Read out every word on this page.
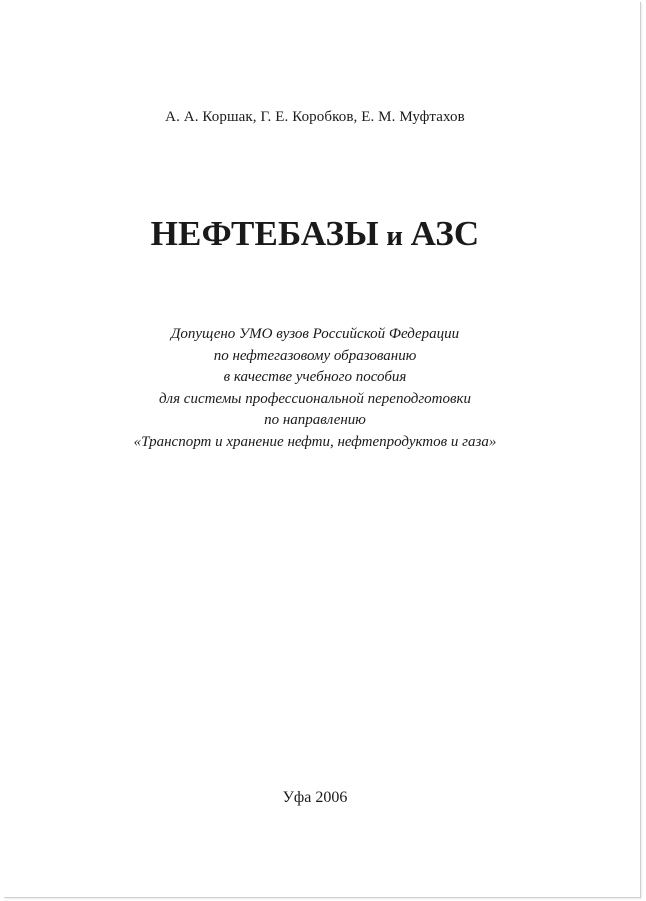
А. А. Коршак, Г. Е. Коробков, Е. М. Муфтахов
НЕФТЕБАЗЫ и АЗС
Допущено УМО вузов Российской Федерации
по нефтегазовому образованию
в качестве учебного пособия
для системы профессиональной переподготовки
по направлению
«Транспорт и хранение нефти, нефтепродуктов и газа»
Уфа 2006
